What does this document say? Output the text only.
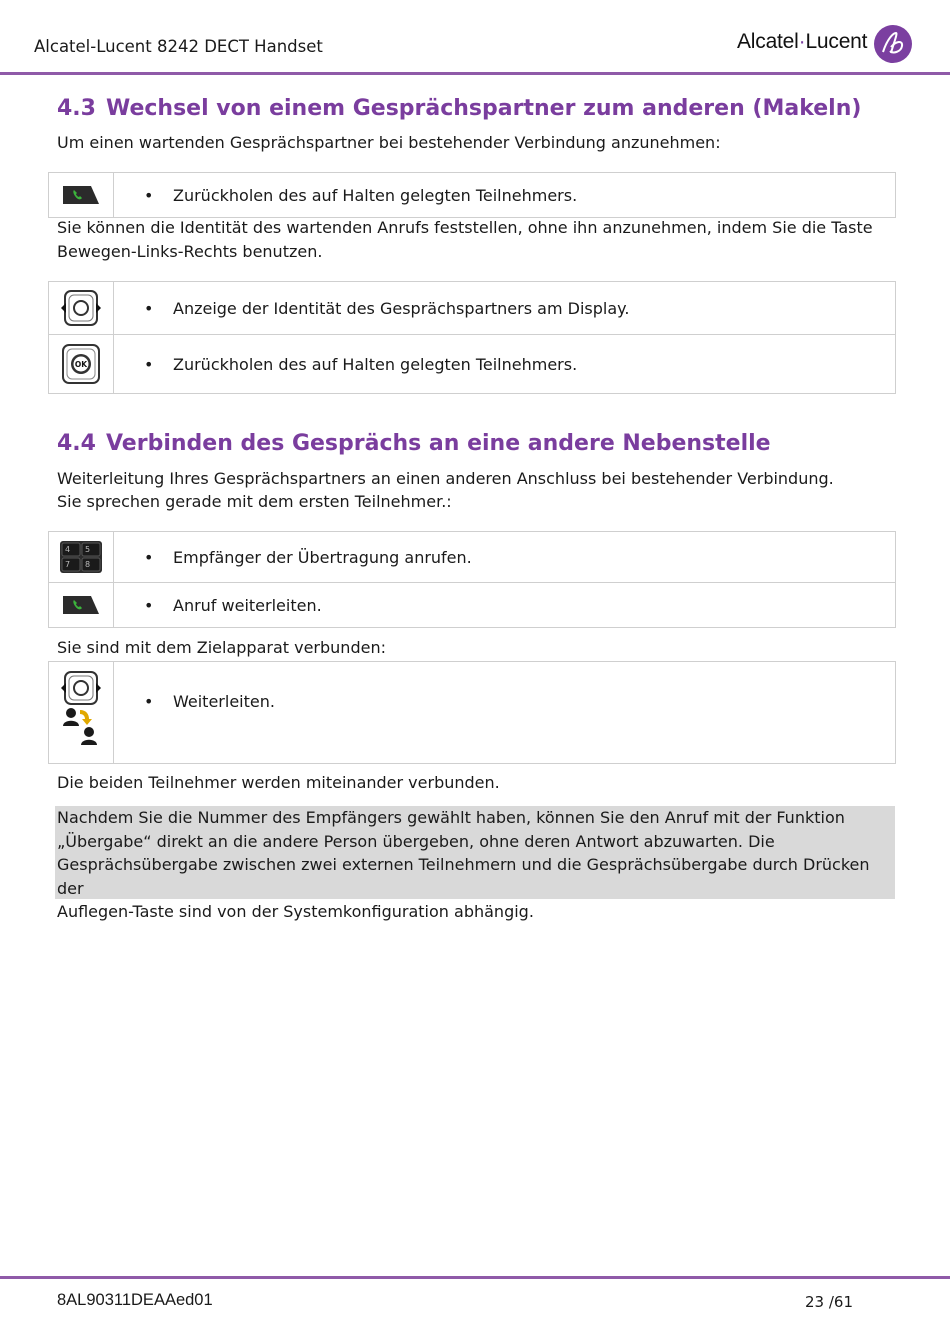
Alcatel-Lucent 8242 DECT Handset	Alcatel·Lucent
4.3 Wechsel von einem Gesprächspartner zum anderen (Makeln)
Um einen wartenden Gesprächspartner bei bestehender Verbindung anzunehmen:
	• Zurückholen des auf Halten gelegten Teilnehmers.
Sie können die Identität des wartenden Anrufs feststellen, ohne ihn anzunehmen, indem Sie die Taste Bewegen-Links-Rechts benutzen.
	• Anzeige der Identität des Gesprächspartners am Display.

OK	• Zurückholen des auf Halten gelegten Teilnehmers.
4.4 Verbinden des Gesprächs an eine andere Nebenstelle
Weiterleitung Ihres Gesprächspartners an einen anderen Anschluss bei bestehender Verbindung.
Sie sprechen gerade mit dem ersten Teilnehmer.:
4 5
7 8	• Empfänger der Übertragung anrufen.

	• Anruf weiterleiten.
Sie sind mit dem Zielapparat verbunden:
	• Weiterleiten.
Die beiden Teilnehmer werden miteinander verbunden.
Nachdem Sie die Nummer des Empfängers gewählt haben, können Sie den Anruf mit der Funktion
„Übergabe“ direkt an die andere Person übergeben, ohne deren Antwort abzuwarten. Die
Gesprächsübergabe zwischen zwei externen Teilnehmern und die Gesprächsübergabe durch Drücken der
Auflegen-Taste sind von der Systemkonfiguration abhängig.
8AL90311DEAAed01	23 /61
